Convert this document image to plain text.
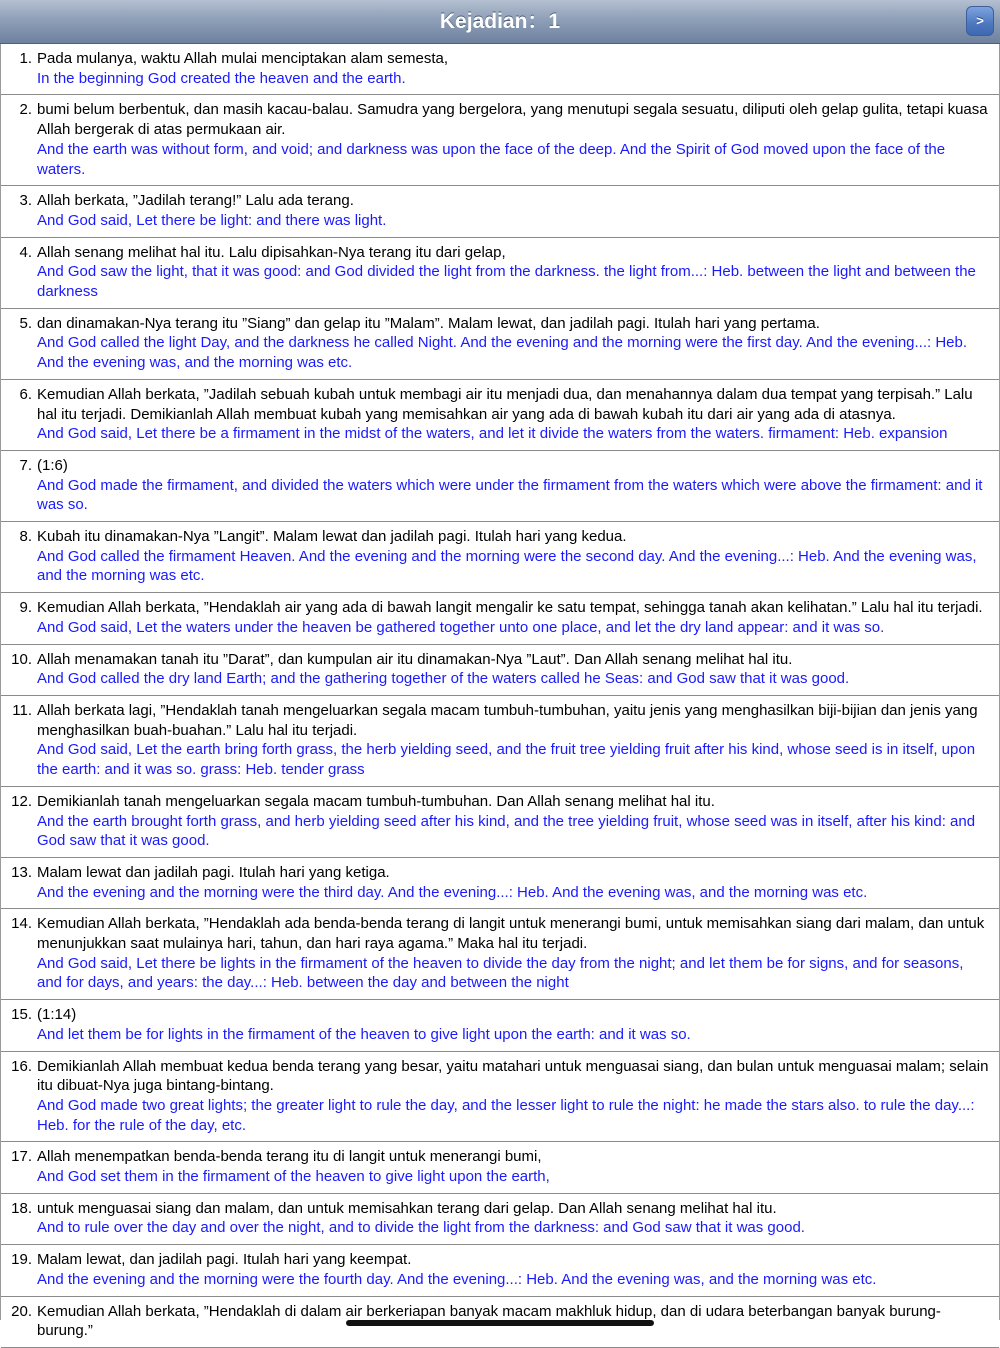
Kejadian：1	>
1. Pada mulanya, waktu Allah mulai menciptakan alam semesta,
In the beginning God created the heaven and the earth.
2. bumi belum berbentuk, dan masih kacau-balau. Samudra yang bergelora, yang menutupi segala sesuatu, diliputi oleh gelap gulita, tetapi kuasa Allah bergerak di atas permukaan air.
And the earth was without form, and void; and darkness was upon the face of the deep. And the Spirit of God moved upon the face of the waters.
3. Allah berkata, ”Jadilah terang!” Lalu ada terang.
And God said, Let there be light: and there was light.
4. Allah senang melihat hal itu. Lalu dipisahkan-Nya terang itu dari gelap,
And God saw the light, that it was good: and God divided the light from the darkness. the light from...: Heb. between the light and between the darkness
5. dan dinamakan-Nya terang itu ”Siang” dan gelap itu ”Malam”. Malam lewat, dan jadilah pagi. Itulah hari yang pertama.
And God called the light Day, and the darkness he called Night. And the evening and the morning were the first day. And the evening...: Heb. And the evening was, and the morning was etc.
6. Kemudian Allah berkata, ”Jadilah sebuah kubah untuk membagi air itu menjadi dua, dan menahannya dalam dua tempat yang terpisah.” Lalu hal itu terjadi. Demikianlah Allah membuat kubah yang memisahkan air yang ada di bawah kubah itu dari air yang ada di atasnya.
And God said, Let there be a firmament in the midst of the waters, and let it divide the waters from the waters. firmament: Heb. expansion
7. (1:6)
And God made the firmament, and divided the waters which were under the firmament from the waters which were above the firmament: and it was so.
8. Kubah itu dinamakan-Nya ”Langit”. Malam lewat dan jadilah pagi. Itulah hari yang kedua.
And God called the firmament Heaven. And the evening and the morning were the second day. And the evening...: Heb. And the evening was, and the morning was etc.
9. Kemudian Allah berkata, ”Hendaklah air yang ada di bawah langit mengalir ke satu tempat, sehingga tanah akan kelihatan.” Lalu hal itu terjadi.
And God said, Let the waters under the heaven be gathered together unto one place, and let the dry land appear: and it was so.
10. Allah menamakan tanah itu ”Darat”, dan kumpulan air itu dinamakan-Nya ”Laut”. Dan Allah senang melihat hal itu.
And God called the dry land Earth; and the gathering together of the waters called he Seas: and God saw that it was good.
11. Allah berkata lagi, ”Hendaklah tanah mengeluarkan segala macam tumbuh-tumbuhan, yaitu jenis yang menghasilkan biji-bijian dan jenis yang menghasilkan buah-buahan.” Lalu hal itu terjadi.
And God said, Let the earth bring forth grass, the herb yielding seed, and the fruit tree yielding fruit after his kind, whose seed is in itself, upon the earth: and it was so. grass: Heb. tender grass
12. Demikianlah tanah mengeluarkan segala macam tumbuh-tumbuhan. Dan Allah senang melihat hal itu.
And the earth brought forth grass, and herb yielding seed after his kind, and the tree yielding fruit, whose seed was in itself, after his kind: and God saw that it was good.
13. Malam lewat dan jadilah pagi. Itulah hari yang ketiga.
And the evening and the morning were the third day. And the evening...: Heb. And the evening was, and the morning was etc.
14. Kemudian Allah berkata, ”Hendaklah ada benda-benda terang di langit untuk menerangi bumi, untuk memisahkan siang dari malam, dan untuk menunjukkan saat mulainya hari, tahun, dan hari raya agama.” Maka hal itu terjadi.
And God said, Let there be lights in the firmament of the heaven to divide the day from the night; and let them be for signs, and for seasons, and for days, and years: the day...: Heb. between the day and between the night
15. (1:14)
And let them be for lights in the firmament of the heaven to give light upon the earth: and it was so.
16. Demikianlah Allah membuat kedua benda terang yang besar, yaitu matahari untuk menguasai siang, dan bulan untuk menguasai malam; selain itu dibuat-Nya juga bintang-bintang.
And God made two great lights; the greater light to rule the day, and the lesser light to rule the night: he made the stars also. to rule the day...: Heb. for the rule of the day, etc.
17. Allah menempatkan benda-benda terang itu di langit untuk menerangi bumi,
And God set them in the firmament of the heaven to give light upon the earth,
18. untuk menguasai siang dan malam, dan untuk memisahkan terang dari gelap. Dan Allah senang melihat hal itu.
And to rule over the day and over the night, and to divide the light from the darkness: and God saw that it was good.
19. Malam lewat, dan jadilah pagi. Itulah hari yang keempat.
And the evening and the morning were the fourth day. And the evening...: Heb. And the evening was, and the morning was etc.
20. Kemudian Allah berkata, ”Hendaklah di dalam air berkeriapan banyak macam makhluk hidup, dan di udara beterbangan banyak burung-burung.”
